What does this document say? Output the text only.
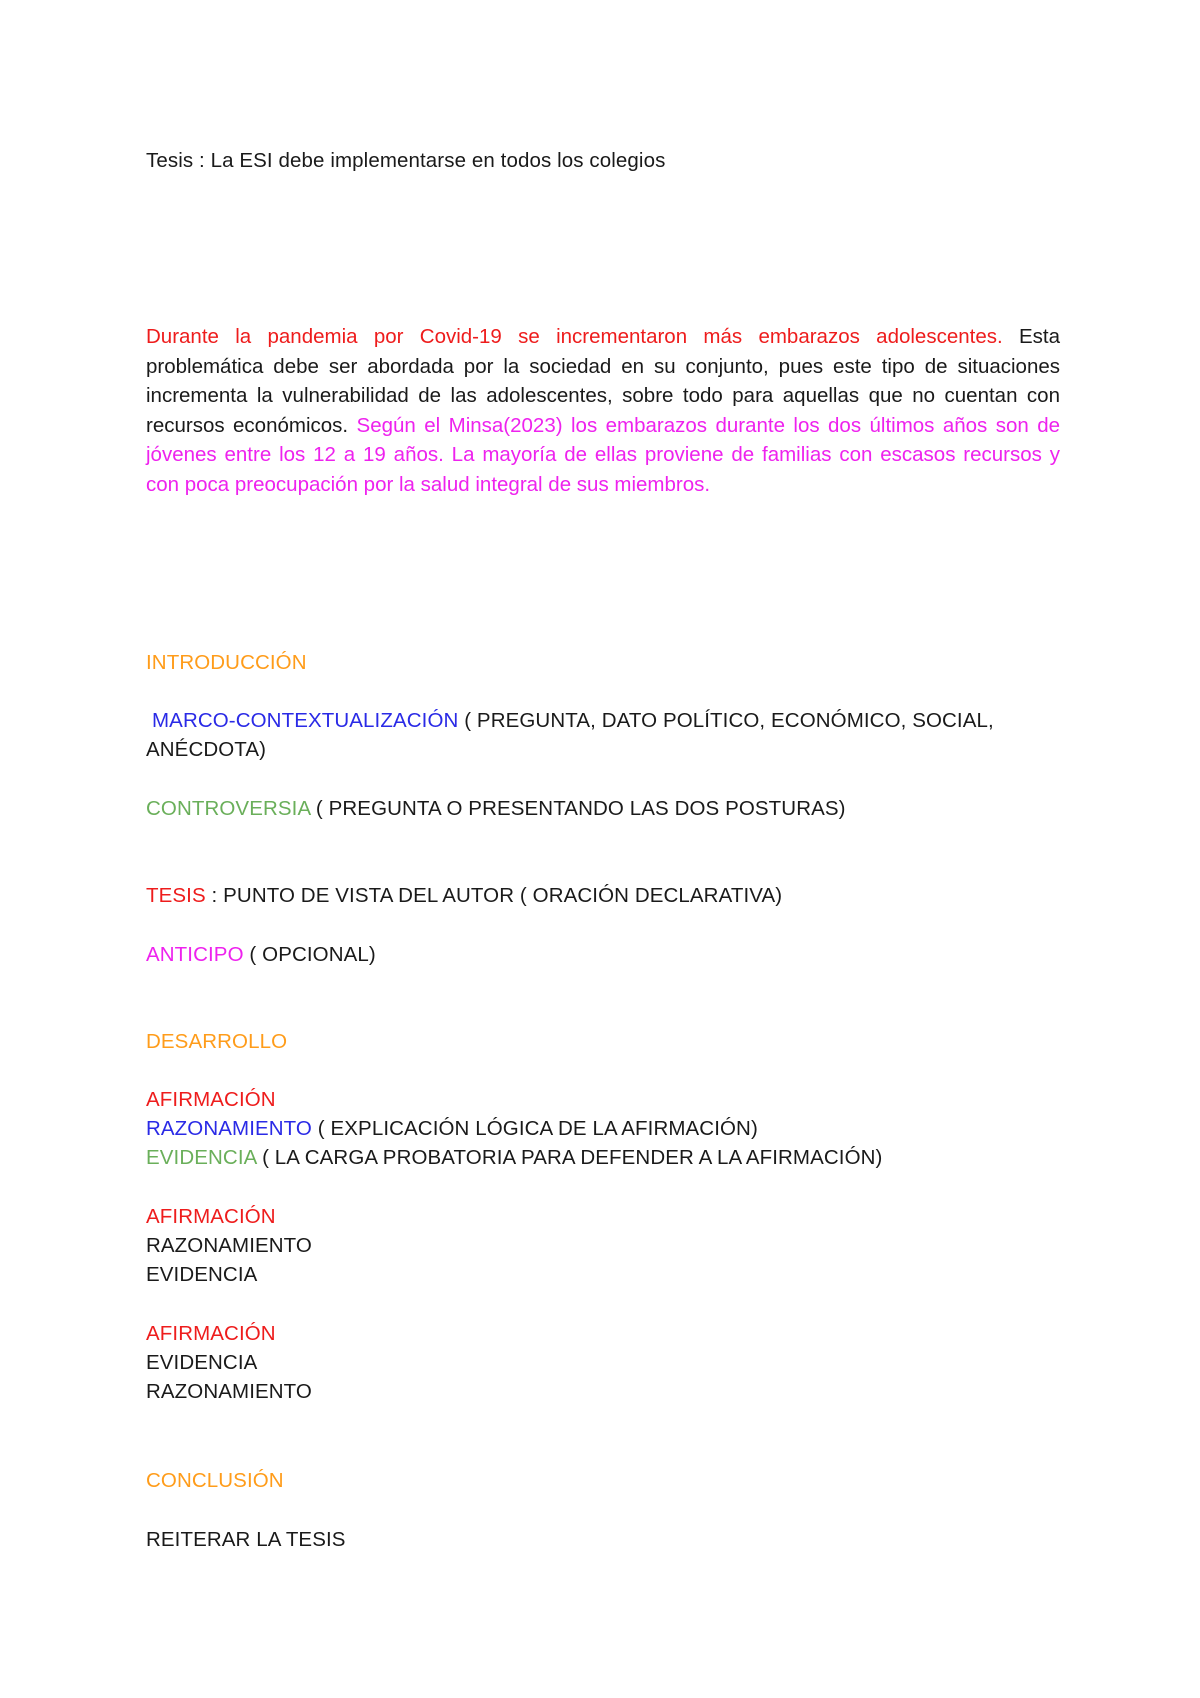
Tesis : La ESI debe implementarse en todos los colegios
Durante la pandemia por Covid-19 se incrementaron más embarazos adolescentes. Esta problemática debe ser abordada por la sociedad en su conjunto, pues este tipo de situaciones incrementa la vulnerabilidad de las adolescentes, sobre todo para aquellas que no cuentan con recursos económicos. Según el Minsa(2023) los embarazos durante los dos últimos años son de jóvenes entre los 12 a 19 años. La mayoría de ellas proviene de familias con escasos recursos y con poca preocupación por la salud integral de sus miembros.
INTRODUCCIÓN
MARCO-CONTEXTUALIZACIÓN ( PREGUNTA, DATO POLÍTICO, ECONÓMICO, SOCIAL,
ANÉCDOTA)
CONTROVERSIA ( PREGUNTA O PRESENTANDO LAS DOS POSTURAS)
TESIS : PUNTO DE VISTA DEL AUTOR ( ORACIÓN DECLARATIVA)
ANTICIPO ( OPCIONAL)
DESARROLLO
AFIRMACIÓN
RAZONAMIENTO ( EXPLICACIÓN LÓGICA DE LA AFIRMACIÓN)
EVIDENCIA ( LA CARGA PROBATORIA PARA DEFENDER A LA AFIRMACIÓN)
AFIRMACIÓN
RAZONAMIENTO
EVIDENCIA
AFIRMACIÓN
EVIDENCIA
RAZONAMIENTO
CONCLUSIÓN
REITERAR LA TESIS
